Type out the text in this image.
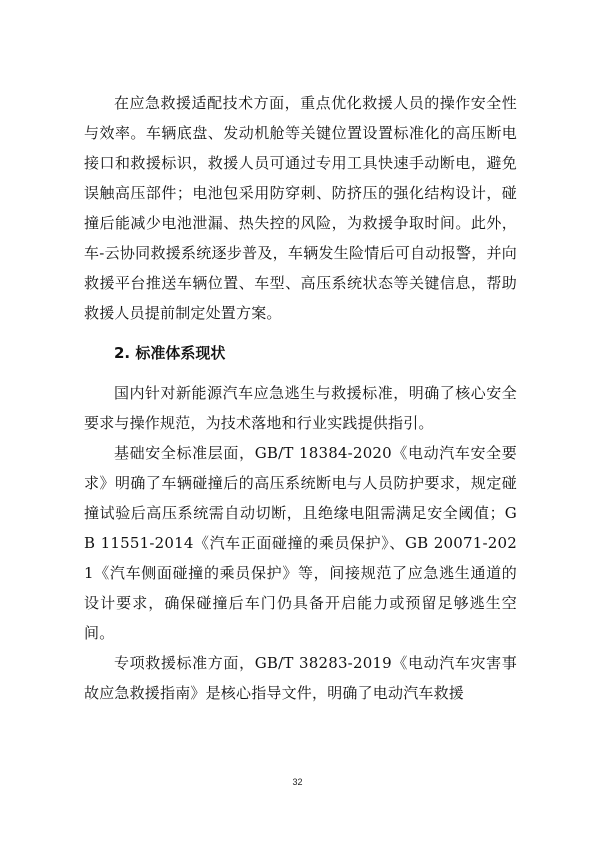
在应急救援适配技术方面，重点优化救援人员的操作安全性与效率。车辆底盘、发动机舱等关键位置设置标准化的高压断电接口和救援标识，救援人员可通过专用工具快速手动断电，避免误触高压部件；电池包采用防穿刺、防挤压的强化结构设计，碰撞后能减少电池泄漏、热失控的风险，为救援争取时间。此外，车-云协同救援系统逐步普及，车辆发生险情后可自动报警，并向救援平台推送车辆位置、车型、高压系统状态等关键信息，帮助救援人员提前制定处置方案。

2. 标准体系现状

国内针对新能源汽车应急逃生与救援标准，明确了核心安全要求与操作规范，为技术落地和行业实践提供指引。

基础安全标准层面，GB/T 18384-2020《电动汽车安全要求》明确了车辆碰撞后的高压系统断电与人员防护要求，规定碰撞试验后高压系统需自动切断，且绝缘电阻需满足安全阈值；GB 11551-2014《汽车正面碰撞的乘员保护》、GB 20071-2021《汽车侧面碰撞的乘员保护》等，间接规范了应急逃生通道的设计要求，确保碰撞后车门仍具备开启能力或预留足够逃生空间。

专项救援标准方面，GB/T 38283-2019《电动汽车灾害事故应急救援指南》是核心指导文件，明确了电动汽车救援

32
